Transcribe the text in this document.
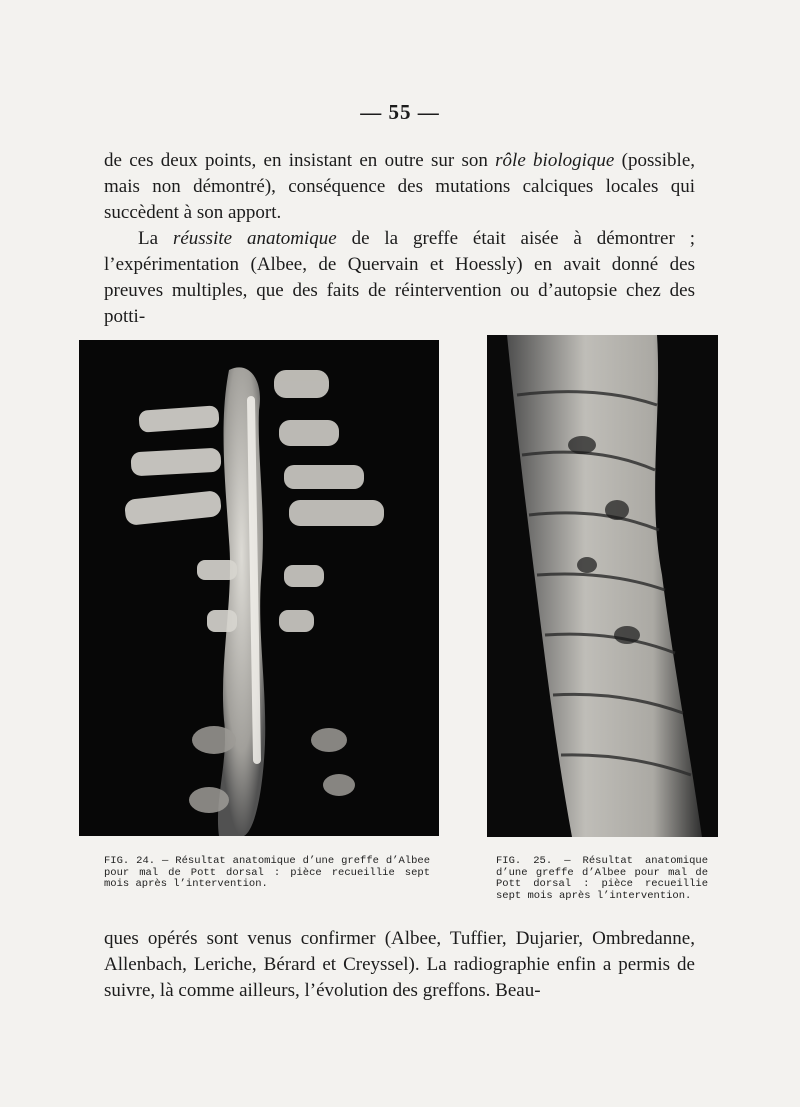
— 55 —

de ces deux points, en insistant en outre sur son rôle biologique (possible, mais non démontré), conséquence des mutations calciques locales qui succèdent à son apport.

La réussite anatomique de la greffe était aisée à démontrer ; l’expérimentation (Albee, de Quervain et Hoessly) en avait donné des preuves multiples, que des faits de réintervention ou d’autopsie chez des potti-

FIG. 24. — Résultat anatomique d’une greffe d’Albee pour mal de Pott dorsal : pièce recueillie sept mois après l’intervention.
FIG. 25. — Résultat anatomique d’une greffe d’Albee pour mal de Pott dorsal : pièce recueillie sept mois après l’intervention.

ques opérés sont venus confirmer (Albee, Tuffier, Dujarier, Ombredanne, Allenbach, Leriche, Bérard et Creyssel). La radiographie enfin a permis de suivre, là comme ailleurs, l’évolution des greffons. Beau-
